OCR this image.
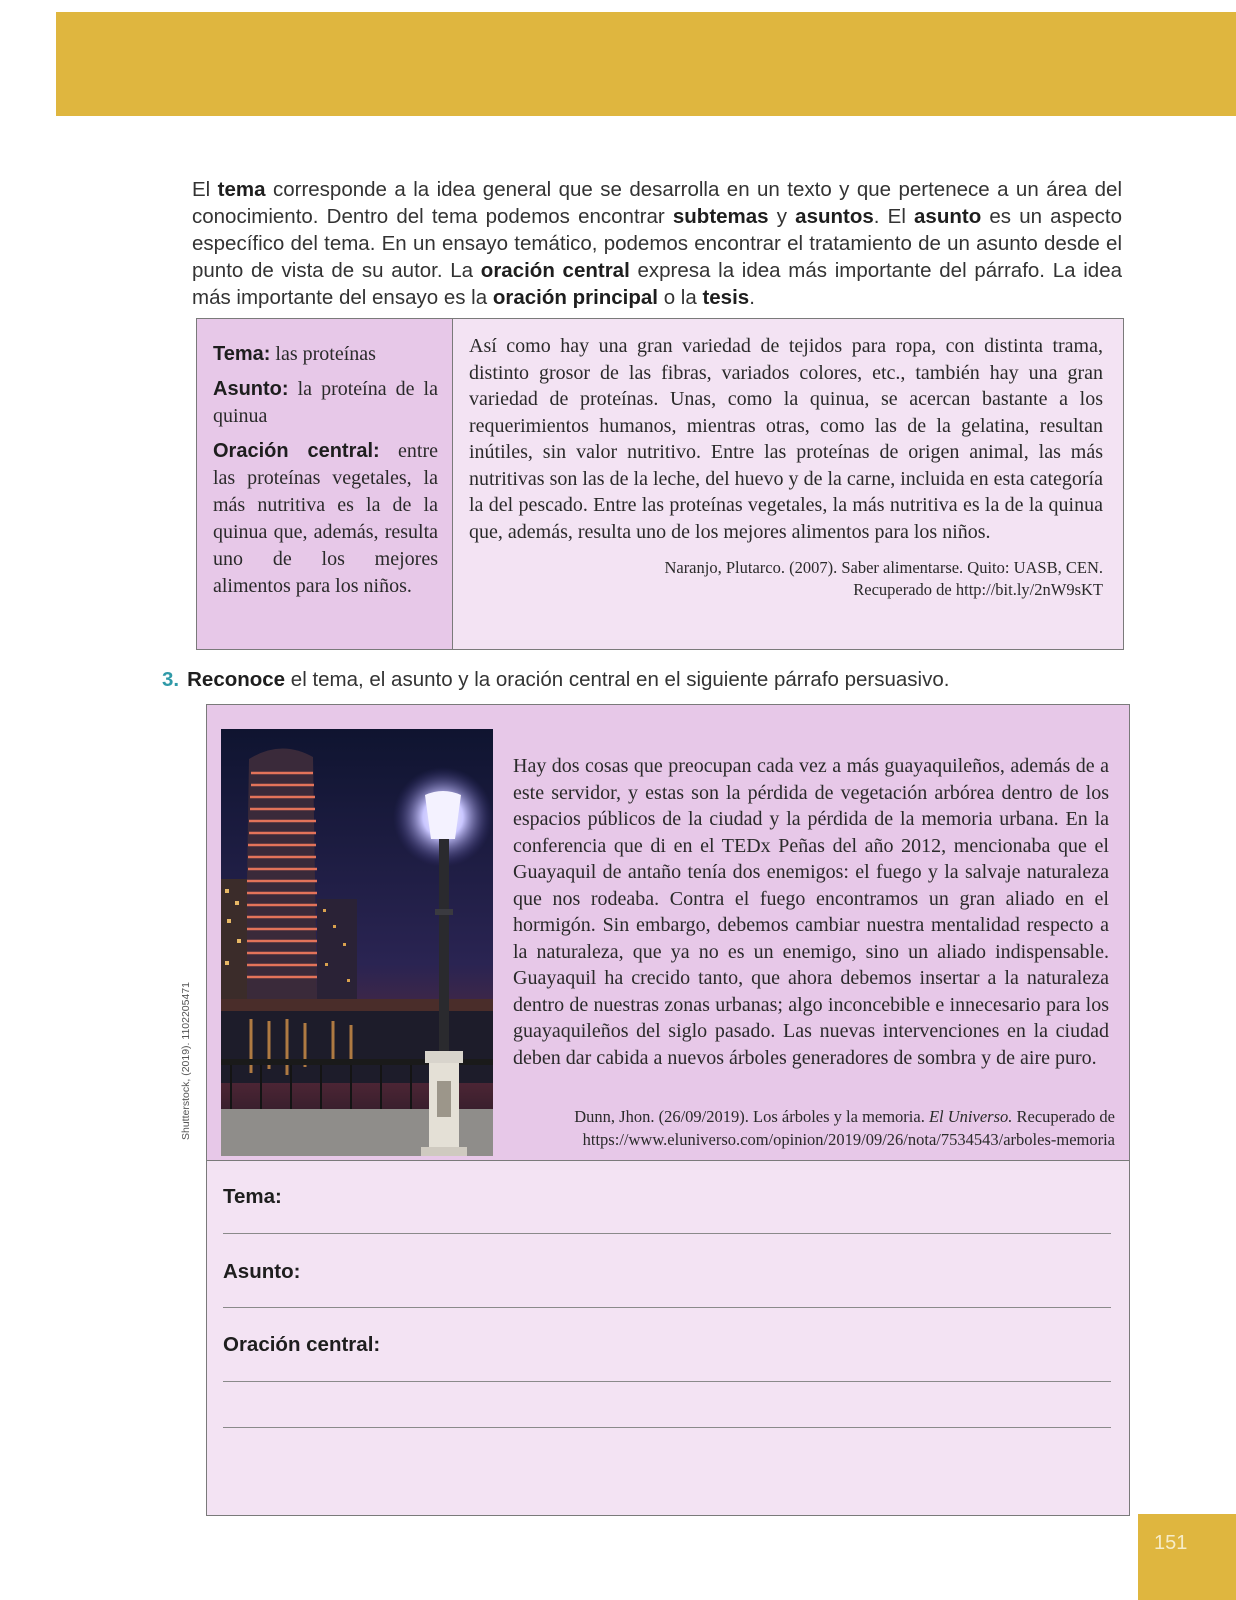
El tema corresponde a la idea general que se desarrolla en un texto y que pertenece a un área del conocimiento. Dentro del tema podemos encontrar subtemas y asuntos. El asunto es un aspecto específico del tema. En un ensayo temático, podemos encontrar el tratamiento de un asunto desde el punto de vista de su autor. La oración central expresa la idea más importante del párrafo. La idea más importante del ensayo es la oración principal o la tesis.

Tema: las proteínas

Asunto: la proteína de la quinua

Oración central: entre las proteínas vegetales, la más nutritiva es la de la quinua que, además, resulta uno de los mejores alimentos para los niños.

Así como hay una gran variedad de tejidos para ropa, con distinta trama, distinto grosor de las fibras, variados colores, etc., también hay una gran variedad de proteínas. Unas, como la quinua, se acercan bastante a los requerimientos humanos, mientras otras, como las de la gelatina, resultan inútiles, sin valor nutritivo. Entre las proteínas de origen animal, las más nutritivas son las de la leche, del huevo y de la carne, incluida en esta categoría la del pescado. Entre las proteínas vegetales, la más nutritiva es la de la quinua que, además, resulta uno de los mejores alimentos para los niños.
Naranjo, Plutarco. (2007). Saber alimentarse. Quito: UASB, CEN.
Recuperado de http://bit.ly/2nW9sKT
3. Reconoce el tema, el asunto y la oración central en el siguiente párrafo persuasivo.
Shutterstock, (2019). 1102205471
Hay dos cosas que preocupan cada vez a más guayaquileños, además de a este servidor, y estas son la pérdida de vegetación arbórea dentro de los espacios públicos de la ciudad y la pérdida de la memoria urbana. En la conferencia que di en el TEDx Peñas del año 2012, mencionaba que el Guayaquil de antaño tenía dos enemigos: el fuego y la salvaje naturaleza que nos rodeaba. Contra el fuego encontramos un gran aliado en el hormigón. Sin embargo, debemos cambiar nuestra mentalidad respecto a la naturaleza, que ya no es un enemigo, sino un aliado indispensable. Guayaquil ha crecido tanto, que ahora debemos insertar a la naturaleza dentro de nuestras zonas urbanas; algo inconcebible e innecesario para los guayaquileños del siglo pasado. Las nuevas intervenciones en la ciudad deben dar cabida a nuevos árboles generadores de sombra y de aire puro.
Dunn, Jhon. (26/09/2019). Los árboles y la memoria. El Universo. Recuperado de
https://www.eluniverso.com/opinion/2019/09/26/nota/7534543/arboles-memoria
Tema:
Asunto:
Oración central:
151
